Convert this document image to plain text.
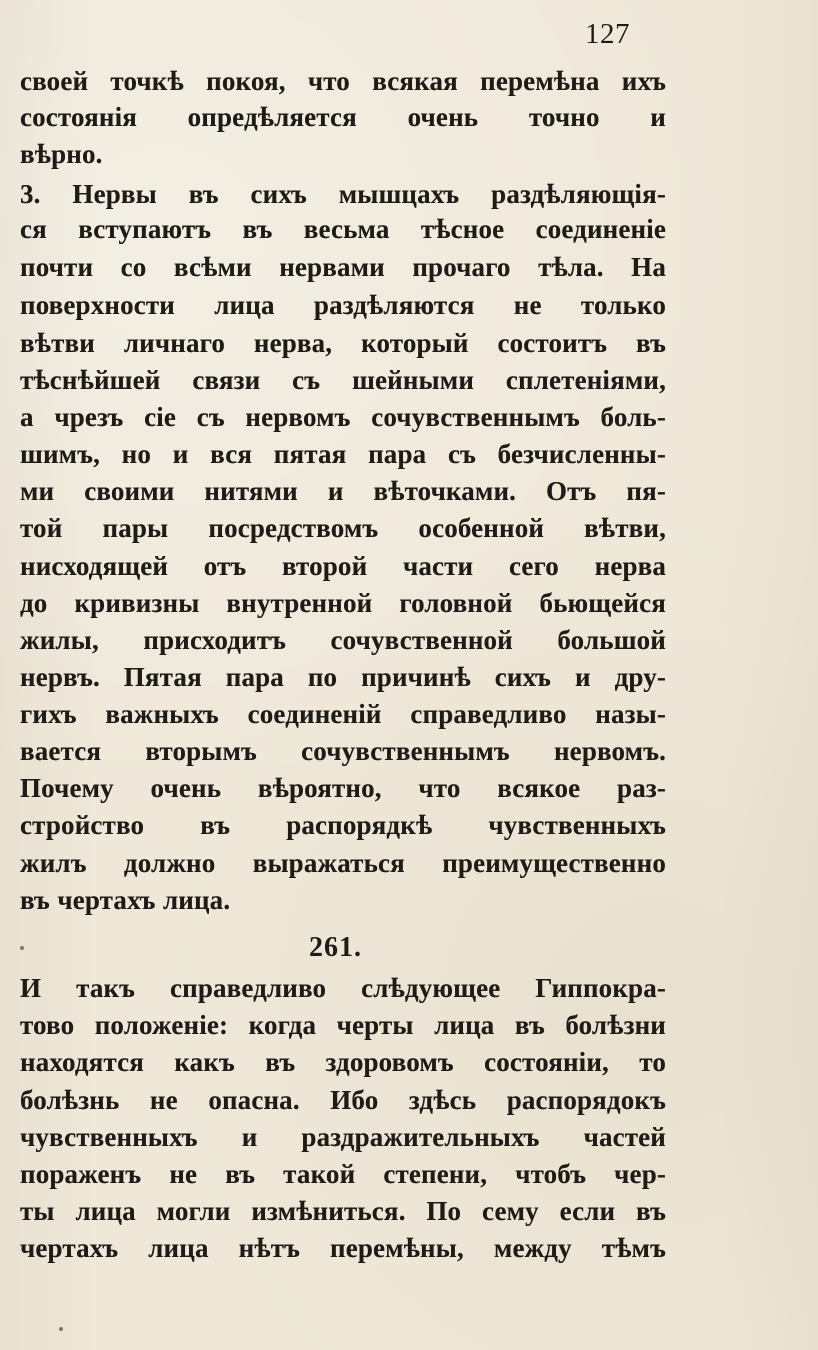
127
своей точкѣ покоя, что всякая перемѣна ихъ
состоянія опредѣляется очень точно и
вѣрно.
3. Нервы въ сихъ мышцахъ раздѣляющія-
ся вступаютъ въ весьма тѣсное соединеніе
почти со всѣми нервами прочаго тѣла. На
поверхности лица раздѣляются не только
вѣтви личнаго нерва, который состоитъ въ
тѣснѣйшей связи съ шейными сплетеніями,
а чрезъ сіе съ нервомъ сочувственнымъ боль-
шимъ, но и вся пятая пара съ безчисленны-
ми своими нитями и вѣточками. Отъ пя-
той пары посредствомъ особенной вѣтви,
нисходящей отъ второй части сего нерва
до кривизны внутренной головной бьющейся
жилы, присходитъ сочувственной большой
нервъ. Пятая пара по причинѣ сихъ и дру-
гихъ важныхъ соединеній справедливо назы-
вается вторымъ сочувственнымъ нервомъ.
Почему очень вѣроятно, что всякое раз-
стройство въ распорядкѣ чувственныхъ
жилъ должно выражаться преимущественно
въ чертахъ лица.
261.
И такъ справедливо слѣдующее Гиппокра-
тово положеніе: когда черты лица въ болѣзни
находятся какъ въ здоровомъ состояніи, то
болѣзнь не опасна. Ибо здѣсь распорядокъ
чувственныхъ и раздражительныхъ частей
пораженъ не въ такой степени, чтобъ чер-
ты лица могли измѣниться. По сему если въ
чертахъ лица нѣтъ перемѣны, между тѣмъ
